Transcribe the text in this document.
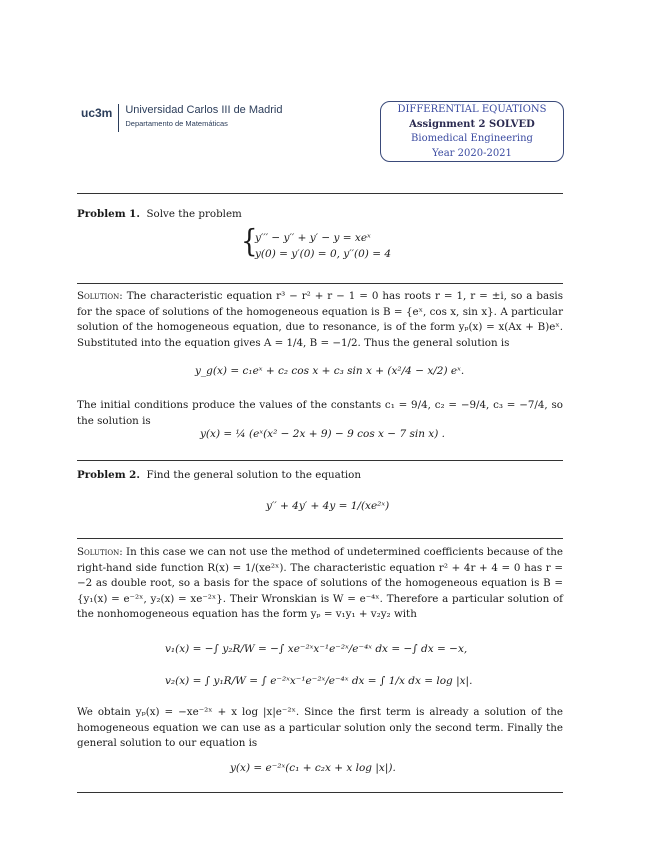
uc3m Universidad Carlos III de Madrid
Departamento de Matemáticas
DIFFERENTIAL EQUATIONS
Assignment 2 SOLVED
Biomedical Engineering
Year 2020-2021
Problem 1. Solve the problem
{
y′′′ − y′′ + y′ − y = xeˣ
y(0) = y′(0) = 0, y′′(0) = 4
Solution: The characteristic equation r³ − r² + r − 1 = 0 has roots r = 1, r = ±i, so a basis for the space of solutions of the homogeneous equation is B = {eˣ, cos x, sin x}. A particular solution of the homogeneous equation, due to resonance, is of the form yₚ(x) = x(Ax + B)eˣ. Substituted into the equation gives A = 1/4, B = −1/2. Thus the general solution is
y_g(x) = c₁eˣ + c₂ cos x + c₃ sin x + (x²/4 − x/2) eˣ.
The initial conditions produce the values of the constants c₁ = 9/4, c₂ = −9/4, c₃ = −7/4, so the solution is
y(x) = ¼ (eˣ(x² − 2x + 9) − 9 cos x − 7 sin x) .
Problem 2. Find the general solution to the equation
y′′ + 4y′ + 4y = 1/(xe²ˣ)
Solution: In this case we can not use the method of undetermined coefficients because of the right-hand side function R(x) = 1/(xe²ˣ). The characteristic equation r² + 4r + 4 = 0 has r = −2 as double root, so a basis for the space of solutions of the homogeneous equation is B = {y₁(x) = e⁻²ˣ, y₂(x) = xe⁻²ˣ}. Their Wronskian is W = e⁻⁴ˣ. Therefore a particular solution of the nonhomogeneous equation has the form yₚ = v₁y₁ + v₂y₂ with
v₁(x) = −∫ y₂R/W = −∫ xe⁻²ˣx⁻¹e⁻²ˣ/e⁻⁴ˣ dx = −∫ dx = −x,
v₂(x) = ∫ y₁R/W = ∫ e⁻²ˣx⁻¹e⁻²ˣ/e⁻⁴ˣ dx = ∫ 1/x dx = log |x|.
We obtain yₚ(x) = −xe⁻²ˣ + x log |x|e⁻²ˣ. Since the first term is already a solution of the homogeneous equation we can use as a particular solution only the second term. Finally the general solution to our equation is
y(x) = e⁻²ˣ(c₁ + c₂x + x log |x|).
